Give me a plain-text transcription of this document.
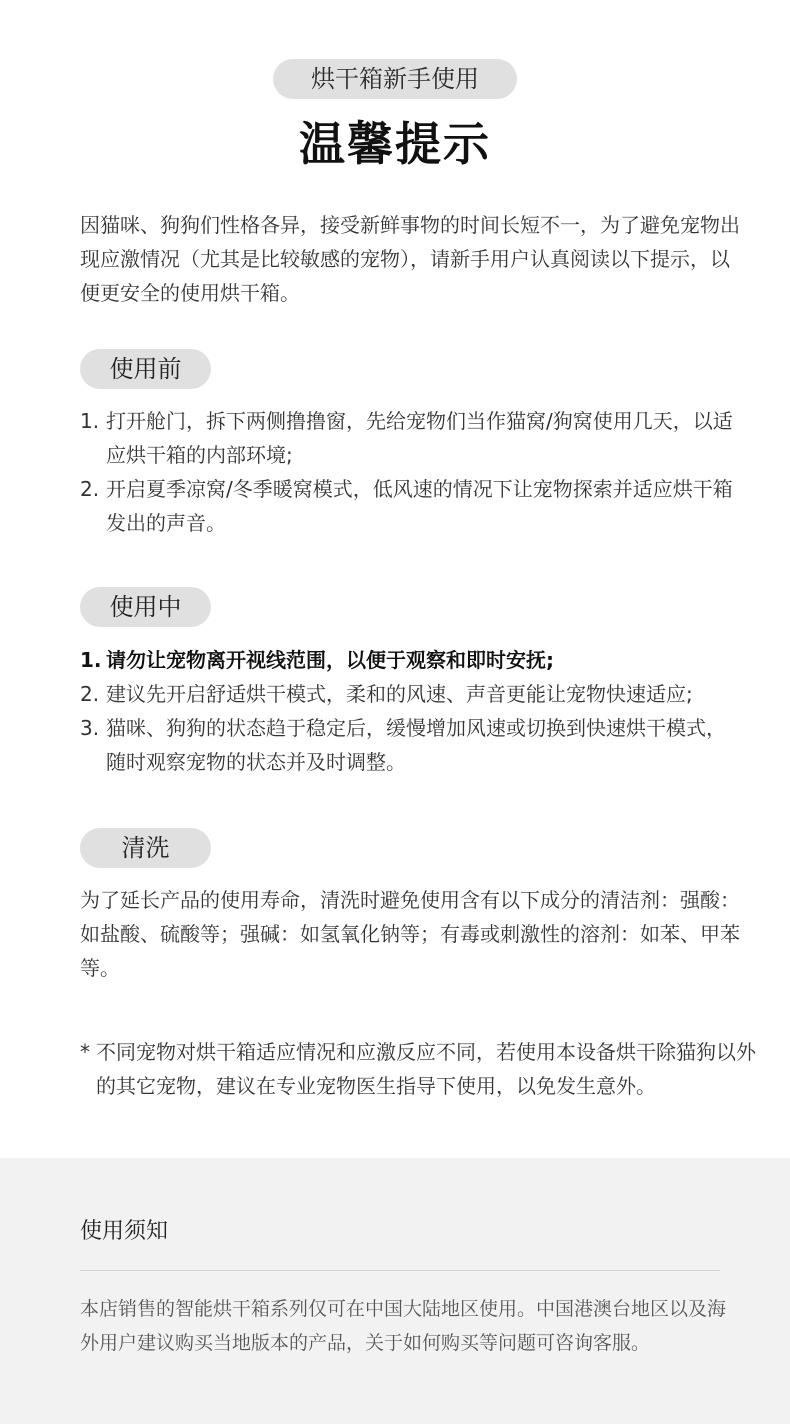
烘干箱新手使用
温馨提示

因猫咪、狗狗们性格各异，接受新鲜事物的时间长短不一，为了避免宠物出现应激情况（尤其是比较敏感的宠物），请新手用户认真阅读以下提示，以便更安全的使用烘干箱。

使用前
1. 打开舱门，拆下两侧撸撸窗，先给宠物们当作猫窝/狗窝使用几天，以适应烘干箱的内部环境;
2. 开启夏季凉窝/冬季暖窝模式，低风速的情况下让宠物探索并适应烘干箱发出的声音。
使用中
1. 请勿让宠物离开视线范围，以便于观察和即时安抚;
2. 建议先开启舒适烘干模式，柔和的风速、声音更能让宠物快速适应;
3. 猫咪、狗狗的状态趋于稳定后，缓慢增加风速或切换到快速烘干模式，随时观察宠物的状态并及时调整。
清洗

为了延长产品的使用寿命，清洗时避免使用含有以下成分的清洁剂：强酸：如盐酸、硫酸等；强碱：如氢氧化钠等；有毒或刺激性的溶剂：如苯、甲苯等。

* 不同宠物对烘干箱适应情况和应激反应不同，若使用本设备烘干除猫狗以外的其它宠物，建议在专业宠物医生指导下使用，以免发生意外。
使用须知

本店销售的智能烘干箱系列仅可在中国大陆地区使用。中国港澳台地区以及海外用户建议购买当地版本的产品，关于如何购买等问题可咨询客服。
